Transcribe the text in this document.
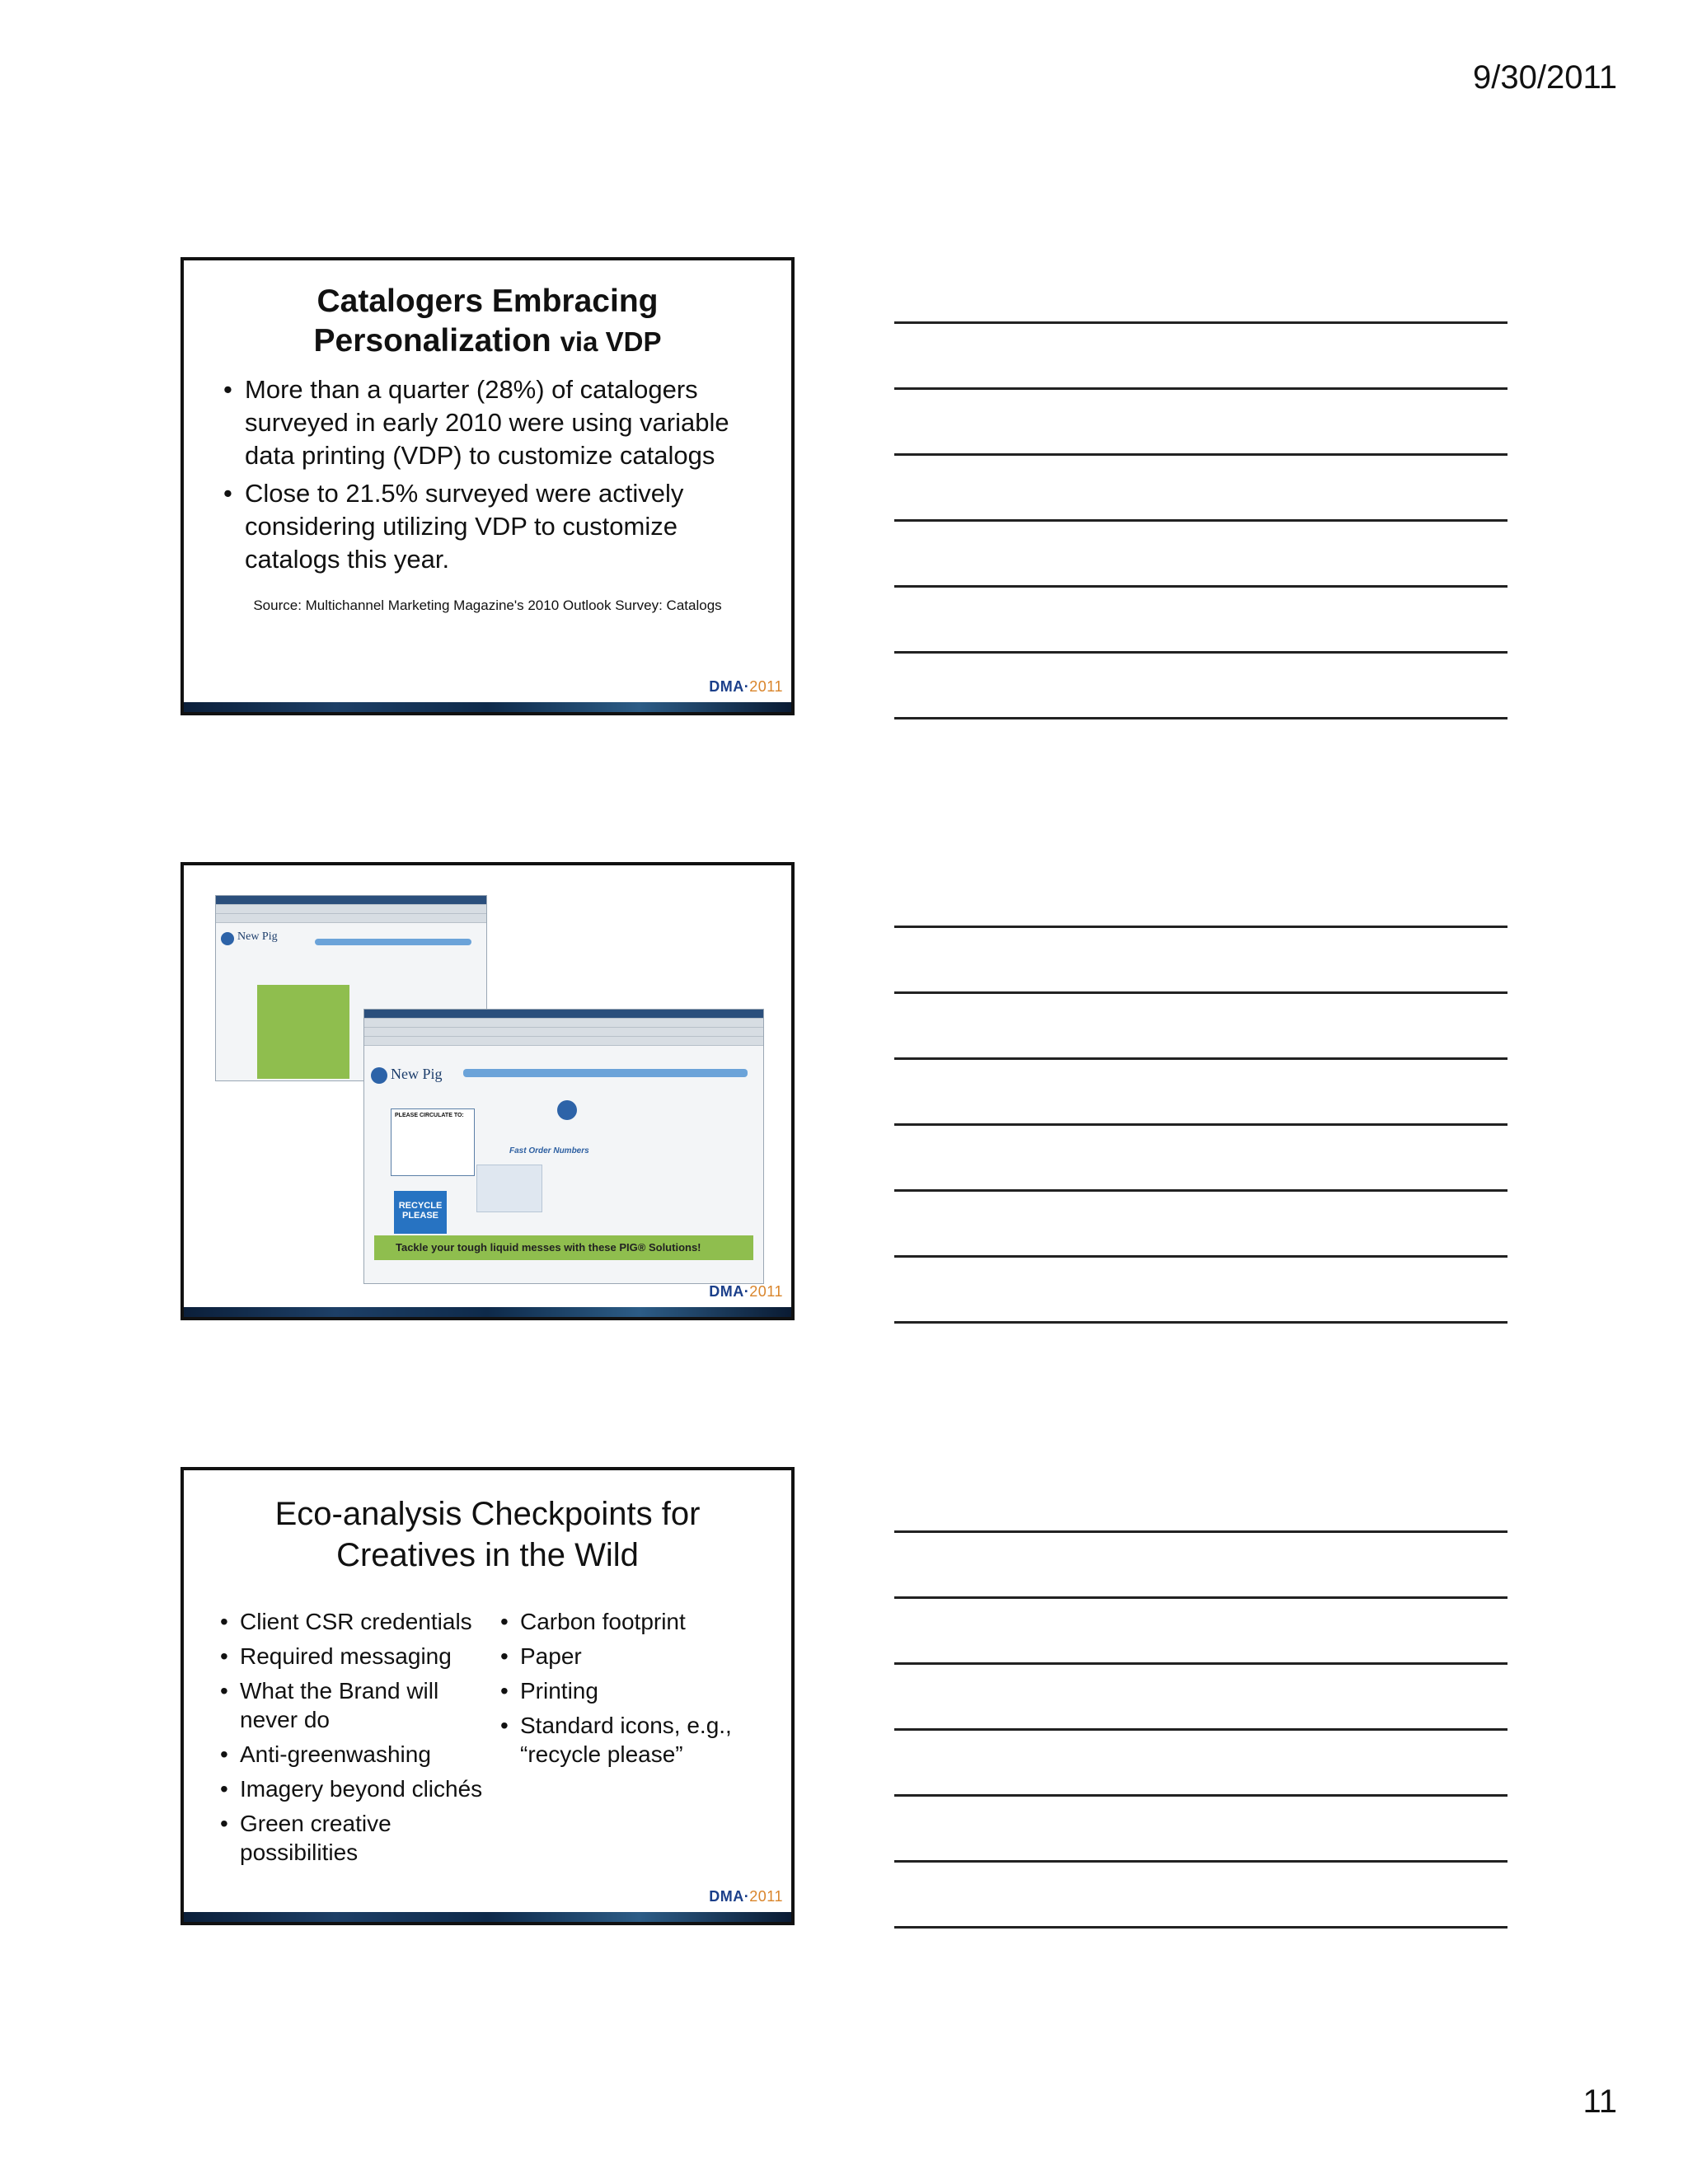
9/30/2011
Catalogers Embracing
Personalization via VDP
• More than a quarter (28%) of catalogers surveyed in early 2010 were using variable data printing (VDP) to customize catalogs
• Close to 21.5% surveyed were actively considering utilizing VDP to customize catalogs this year.
Source: Multichannel Marketing Magazine's 2010 Outlook Survey: Catalogs
DMA·2011
New Pig
New Pig
PLEASE CIRCULATE TO:
Fast Order Numbers
RECYCLE PLEASE
Tackle your tough liquid messes with these PIG® Solutions!
DMA·2011
Eco-analysis Checkpoints for
Creatives in the Wild
• Client CSR credentials
• Required messaging
• What the Brand will never do
• Anti-greenwashing
• Imagery beyond clichés
• Green creative possibilities
• Carbon footprint
• Paper
• Printing
• Standard icons, e.g., “recycle please”
DMA·2011
11
